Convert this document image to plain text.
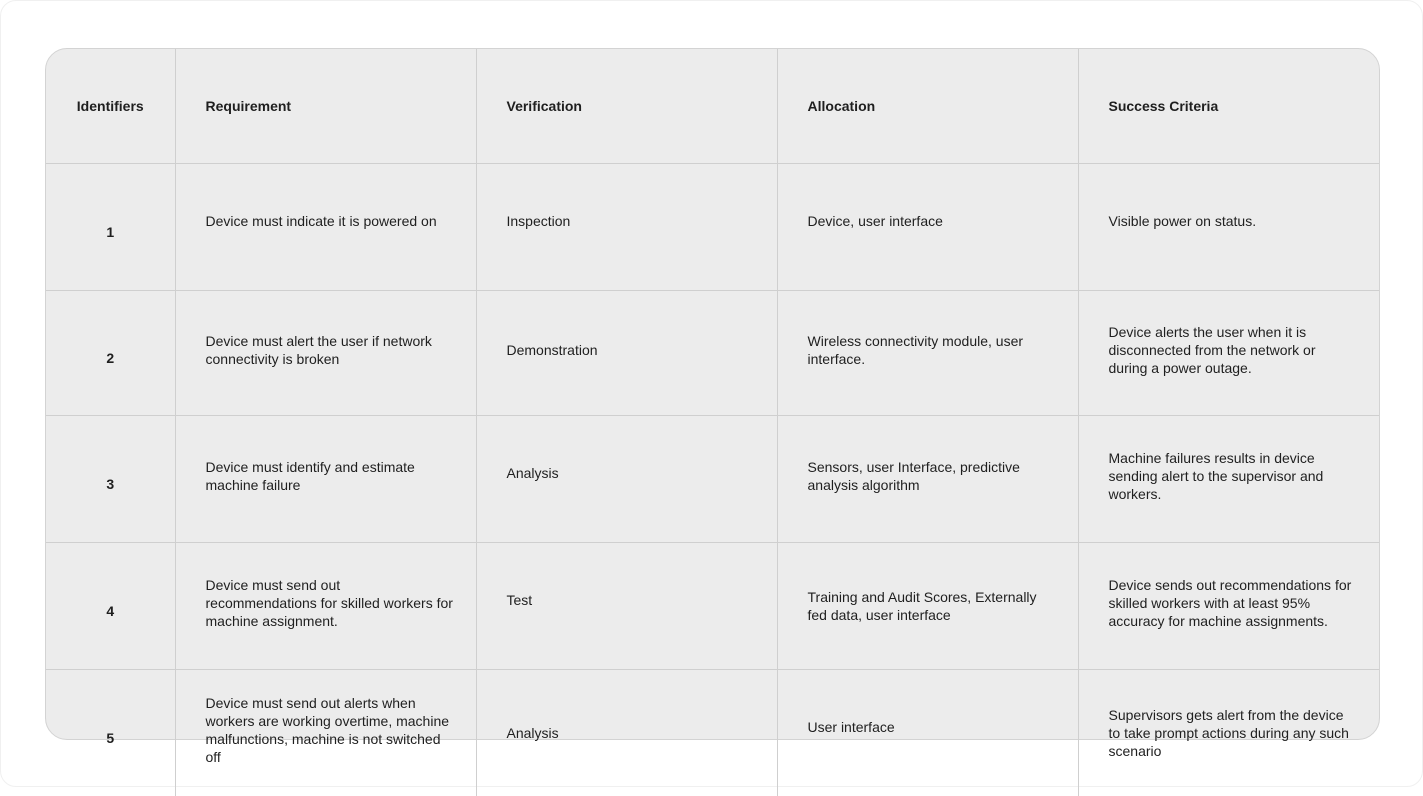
Identifiers	Requirement	Verification	Allocation	Success Criteria
1	Device must indicate it is powered on	Inspection	Device, user interface	Visible power on status.
2	Device must alert the user if network connectivity is broken	Demonstration	Wireless connectivity module, user interface.	Device alerts the user when it is disconnected from the network or during a power outage.
3	Device must identify and estimate machine failure	Analysis	Sensors, user Interface, predictive analysis algorithm	Machine failures results in device sending alert to the supervisor and workers.
4	Device must send out recommendations for skilled workers for machine assignment.	Test	Training and Audit Scores, Externally fed data, user interface	Device sends out recommendations for skilled workers with at least 95% accuracy for machine assignments.
5	Device must send out alerts when workers are working overtime, machine malfunctions, machine is not switched off	Analysis	User interface	Supervisors gets alert from the device to take prompt actions during any such scenario
